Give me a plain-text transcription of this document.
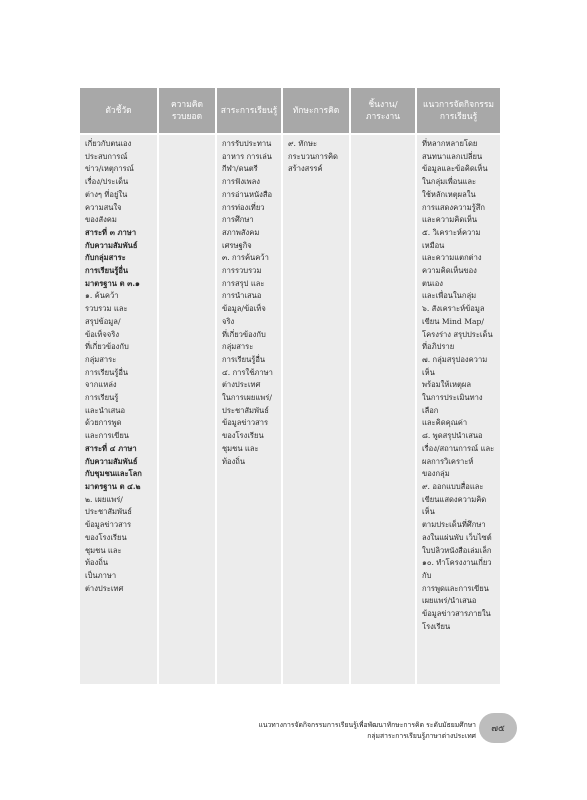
ตัวชี้วัด
ความคิด
รวบยอด
สาระการเรียนรู้	ทักษะการคิด
ชิ้นงาน/
ภาระงาน
แนวการจัดกิจกรรม
การเรียนรู้
เกี่ยวกับตนเอง
ประสบการณ์
ข่าว/เหตุการณ์
เรื่อง/ประเด็น
ต่างๆ ที่อยู่ใน
ความสนใจ
ของสังคม
สาระที่ ๓ ภาษา
กับความสัมพันธ์
กับกลุ่มสาระ
การเรียนรู้อื่น
มาตรฐาน ต ๓.๑
๑. ค้นคว้า
รวบรวม และ
สรุปข้อมูล/
ข้อเท็จจริง
ที่เกี่ยวข้องกับ
กลุ่มสาระ
การเรียนรู้อื่น
จากแหล่ง
การเรียนรู้
และนำเสนอ
ด้วยการพูด
และการเขียน
สาระที่ ๔ ภาษา
กับความสัมพันธ์
กับชุมชนและโลก
มาตรฐาน ต ๔.๒
๒. เผยแพร่/
ประชาสัมพันธ์
ข้อมูลข่าวสาร
ของโรงเรียน
ชุมชน และ
ท้องถิ่น
เป็นภาษา
ต่างประเทศ
การรับประทาน
อาหาร การเล่น
กีฬา/ดนตรี
การฟังเพลง
การอ่านหนังสือ
การท่องเที่ยว
การศึกษา
สภาพสังคม
เศรษฐกิจ
๓. การค้นคว้า
การรวบรวม
การสรุป และ
การนำเสนอ
ข้อมูล/ข้อเท็จจริง
ที่เกี่ยวข้องกับ
กลุ่มสาระ
การเรียนรู้อื่น
๔. การใช้ภาษา
ต่างประเทศ
ในการเผยแพร่/
ประชาสัมพันธ์
ข้อมูลข่าวสาร
ของโรงเรียน
ชุมชน และ
ท้องถิ่น
๙. ทักษะ
กระบวนการคิด
สร้างสรรค์
ที่หลากหลายโดย
สนทนาแลกเปลี่ยน
ข้อมูลและข้อคิดเห็น
ในกลุ่มเพื่อนและ
ใช้หลักเหตุผลใน
การแสดงความรู้สึก
และความคิดเห็น
๕. วิเคราะห์ความเหมือน
และความแตกต่าง
ความคิดเห็นของตนเอง
และเพื่อนในกลุ่ม
๖. สังเคราะห์ข้อมูล
เขียน Mind Map/
โครงร่าง สรุปประเด็น
ที่อภิปราย
๗. กลุ่มสรุปองความเห็น
พร้อมให้เหตุผล
ในการประเมินทางเลือก
และคิดคุณค่า
๘. พูดสรุปนำเสนอ
เรื่อง/สถานการณ์ และ
ผลการวิเคราะห์
ของกลุ่ม
๙. ออกแบบสื่อและ
เขียนแสดงความคิดเห็น
ตามประเด็นที่ศึกษา
ลงในแผ่นพับ เว็บไซต์
ใบปลิวหนังสือเล่มเล็ก
๑๐. ทำโครงงานเกี่ยวกับ
การพูดและการเขียน
เผยแพร่/นำเสนอ
ข้อมูลข่าวสารภายใน
โรงเรียน
แนวทางการจัดกิจกรรมการเรียนรู้เพื่อพัฒนาทักษะการคิด ระดับมัธยมศึกษา
กลุ่มสาระการเรียนรู้ภาษาต่างประเทศ
๗๕
